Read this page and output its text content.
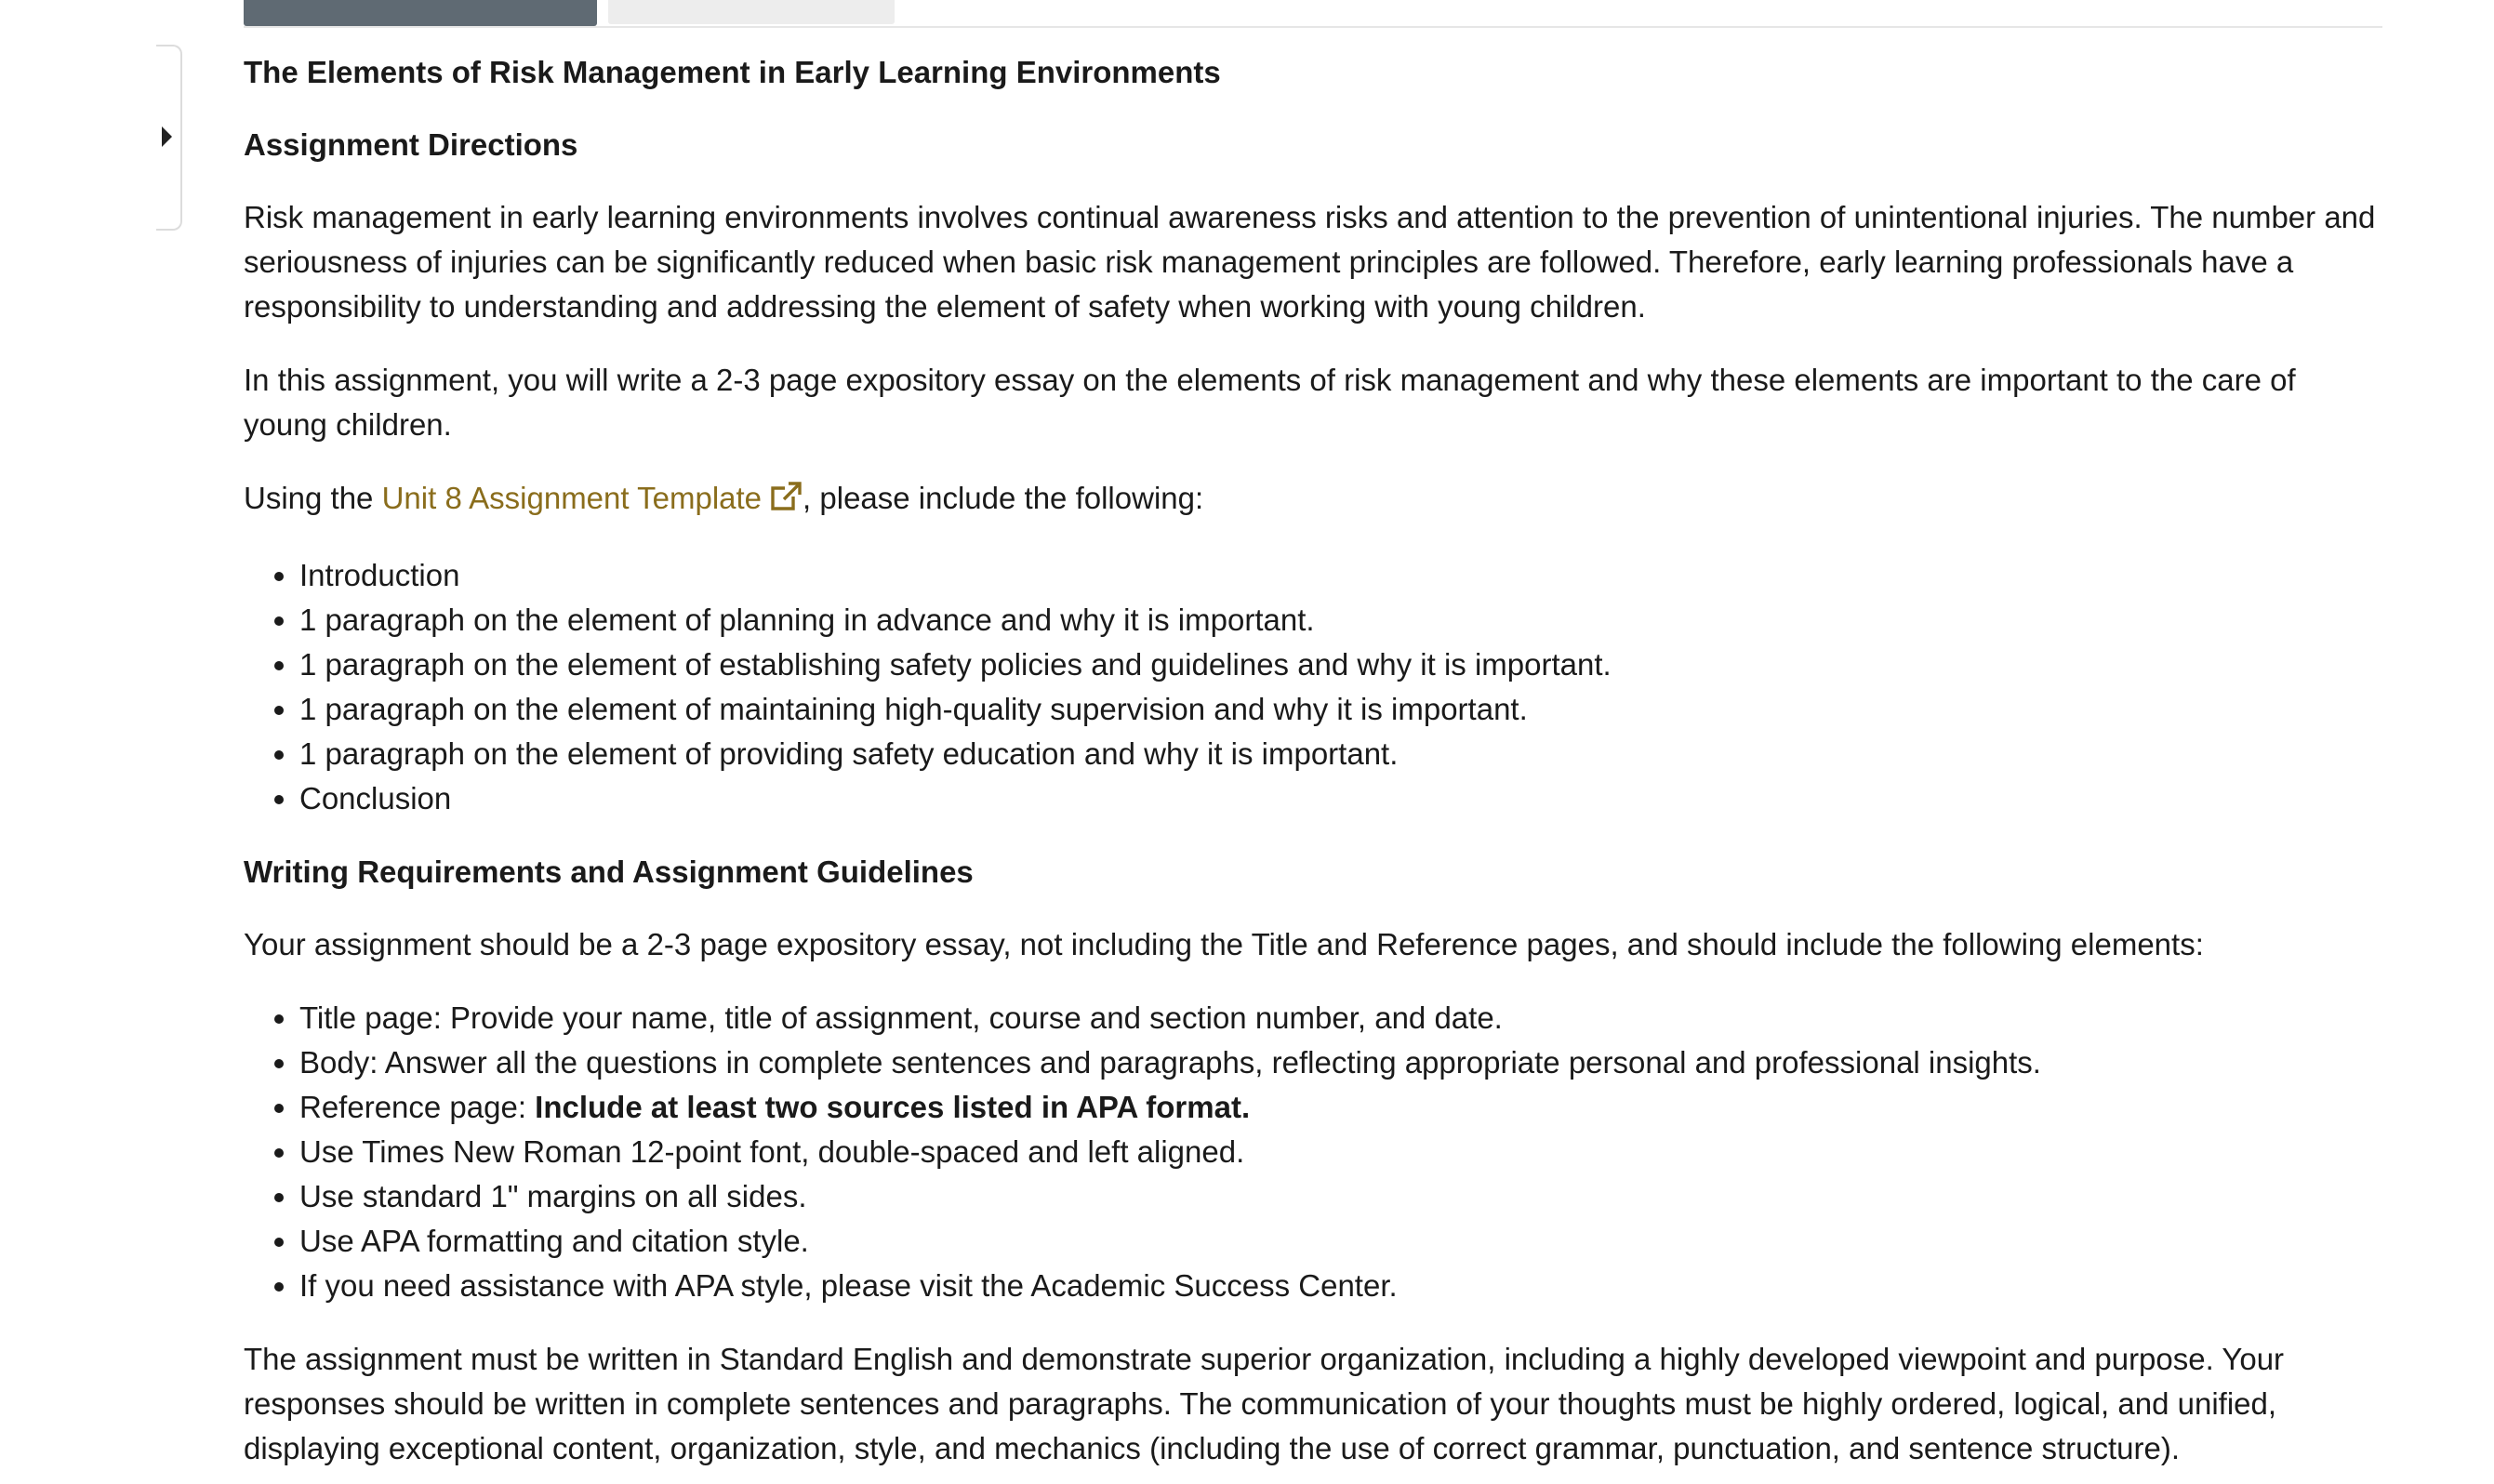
The Elements of Risk Management in Early Learning Environments
Assignment Directions

Risk management in early learning environments involves continual awareness risks and attention to the prevention of unintentional injuries. The number and seriousness of injuries can be significantly reduced when basic risk management principles are followed. Therefore, early learning professionals have a responsibility to understanding and addressing the element of safety when working with young children.

In this assignment, you will write a 2-3 page expository essay on the elements of risk management and why these elements are important to the care of young children.

Using the Unit 8 Assignment Template , please include the following:

• Introduction
• 1 paragraph on the element of planning in advance and why it is important.
• 1 paragraph on the element of establishing safety policies and guidelines and why it is important.
• 1 paragraph on the element of maintaining high-quality supervision and why it is important.
• 1 paragraph on the element of providing safety education and why it is important.
• Conclusion
Writing Requirements and Assignment Guidelines

Your assignment should be a 2-3 page expository essay, not including the Title and Reference pages, and should include the following elements:

• Title page: Provide your name, title of assignment, course and section number, and date.
• Body: Answer all the questions in complete sentences and paragraphs, reflecting appropriate personal and professional insights.
• Reference page: Include at least two sources listed in APA format.
• Use Times New Roman 12-point font, double-spaced and left aligned.
• Use standard 1" margins on all sides.
• Use APA formatting and citation style.
• If you need assistance with APA style, please visit the Academic Success Center.

The assignment must be written in Standard English and demonstrate superior organization, including a highly developed viewpoint and purpose. Your responses should be written in complete sentences and paragraphs. The communication of your thoughts must be highly ordered, logical, and unified, displaying exceptional content, organization, style, and mechanics (including the use of correct grammar, punctuation, and sentence structure).
